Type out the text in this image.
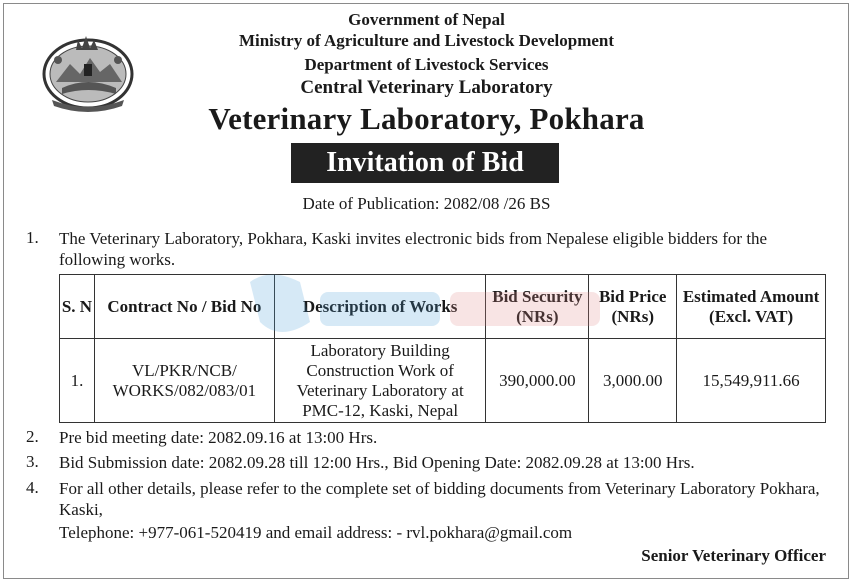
Government of Nepal
Ministry of Agriculture and Livestock Development
Department of Livestock Services
Central Veterinary Laboratory
Veterinary Laboratory, Pokhara
Invitation of Bid
Date of Publication: 2082/08 /26 BS
1. The Veterinary Laboratory, Pokhara, Kaski invites electronic bids from Nepalese eligible bidders for the following works.
S. N	Contract No / Bid No	Description of Works	Bid Security (NRs)	Bid Price (NRs)	Estimated Amount (Excl. VAT)
1.	VL/PKR/NCB/ WORKS/082/083/01	Laboratory Building Construction Work of Veterinary Laboratory at PMC-12, Kaski, Nepal	390,000.00	3,000.00	15,549,911.66
2. Pre bid meeting date: 2082.09.16 at 13:00 Hrs.
3. Bid Submission date: 2082.09.28 till 12:00 Hrs., Bid Opening Date: 2082.09.28 at 13:00 Hrs.
4. For all other details, please refer to the complete set of bidding documents from Veterinary Laboratory Pokhara, Kaski,
Telephone: +977-061-520419 and email address: - rvl.pokhara@gmail.com
Senior Veterinary Officer
